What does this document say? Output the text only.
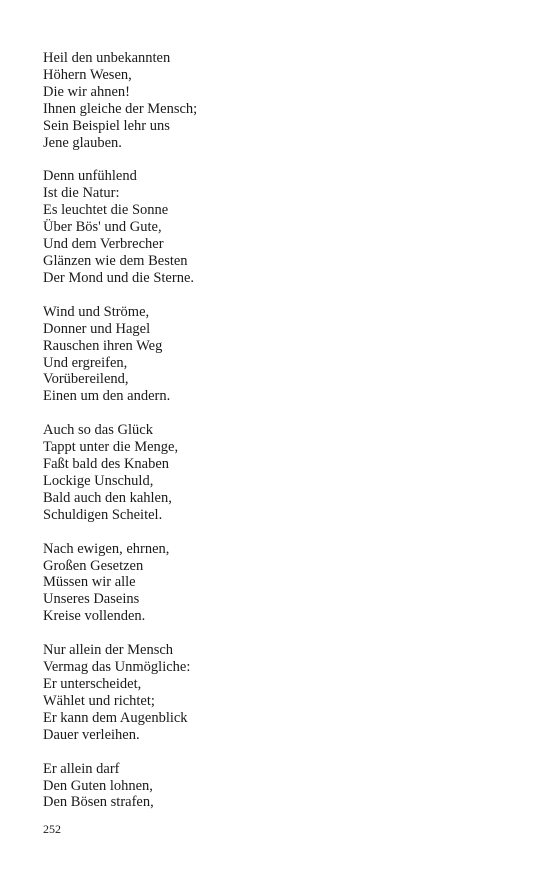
Heil den unbekannten
Höhern Wesen,
Die wir ahnen!
Ihnen gleiche der Mensch;
Sein Beispiel lehr uns
Jene glauben.
Denn unfühlend
Ist die Natur:
Es leuchtet die Sonne
Über Bös' und Gute,
Und dem Verbrecher
Glänzen wie dem Besten
Der Mond und die Sterne.
Wind und Ströme,
Donner und Hagel
Rauschen ihren Weg
Und ergreifen,
Vorübereilend,
Einen um den andern.
Auch so das Glück
Tappt unter die Menge,
Faßt bald des Knaben
Lockige Unschuld,
Bald auch den kahlen,
Schuldigen Scheitel.
Nach ewigen, ehrnen,
Großen Gesetzen
Müssen wir alle
Unseres Daseins
Kreise vollenden.
Nur allein der Mensch
Vermag das Unmögliche:
Er unterscheidet,
Wählet und richtet;
Er kann dem Augenblick
Dauer verleihen.
Er allein darf
Den Guten lohnen,
Den Bösen strafen,
252
